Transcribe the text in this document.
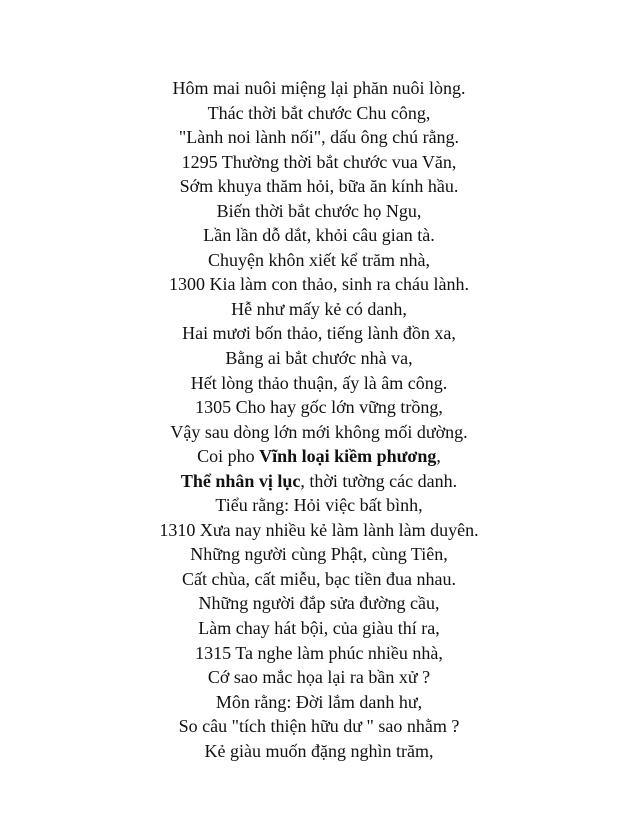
Hôm mai nuôi miệng lại phăn nuôi lòng.
Thác thời bắt chước Chu công,
"Lành noi lành nối", dấu ông chú rằng.
1295 Thường thời bắt chước vua Văn,
Sớm khuya thăm hỏi, bữa ăn kính hầu.
Biến thời bắt chước họ Ngu,
Lần lần dỗ dắt, khỏi câu gian tà.
Chuyện khôn xiết kể trăm nhà,
1300 Kia làm con thảo, sinh ra cháu lành.
Hễ như mấy kẻ có danh,
Hai mươi bốn thảo, tiếng lành đồn xa,
Bằng ai bắt chước nhà va,
Hết lòng thảo thuận, ấy là âm công.
1305 Cho hay gốc lớn vững trồng,
Vậy sau dòng lớn mới không mối dường.
Coi pho Vĩnh loại kiềm phương,
Thể nhân vị lục, thời tường các danh.
Tiểu rằng: Hỏi việc bất bình,
1310 Xưa nay nhiều kẻ làm lành làm duyên.
Những người cùng Phật, cùng Tiên,
Cất chùa, cất miễu, bạc tiền đua nhau.
Những người đắp sửa đường cầu,
Làm chay hát bội, của giàu thí ra,
1315 Ta nghe làm phúc nhiều nhà,
Cớ sao mắc họa lại ra bần xử ?
Môn rằng: Đời lắm danh hư,
So câu "tích thiện hữu dư " sao nhằm ?
Kẻ giàu muốn đặng nghìn trăm,
